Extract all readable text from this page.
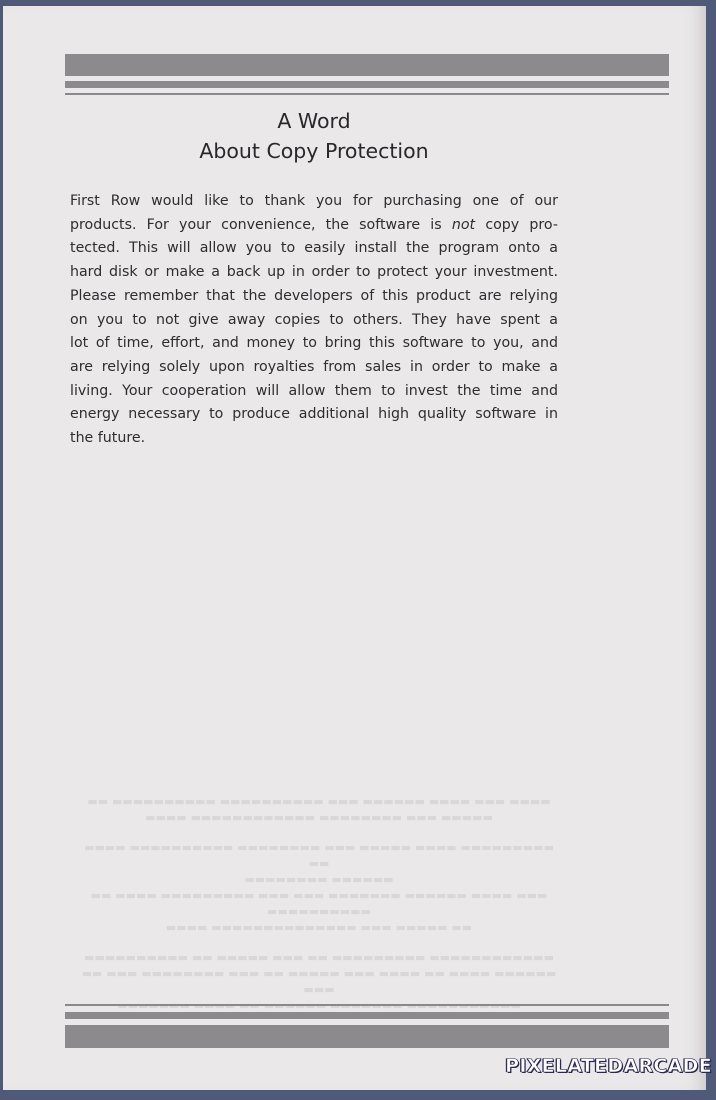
A Word
About Copy Protection
First Row would like to thank you for purchasing one of our
products. For your convenience, the software is not copy pro-
tected. This will allow you to easily install the program onto a
hard disk or make a back up in order to protect your investment.
Please remember that the developers of this product are relying
on you to not give away copies to others. They have spent a
lot of time, effort, and money to bring this software to you, and
are relying solely upon royalties from sales in order to make a
living. Your cooperation will allow them to invest the time and
energy necessary to produce additional high quality software in
the future.

▬▬▬▬ ▬▬▬ ▬▬▬▬ ▬▬▬▬▬▬ ▬▬▬ ▬▬▬▬▬▬▬▬▬▬ ▬▬▬▬▬▬▬▬▬▬ ▬▬
▬▬▬▬▬ ▬▬▬ ▬▬▬▬▬▬▬▬ ▬▬▬▬▬▬▬▬▬▬▬▬ ▬▬▬▬

▬▬▬▬▬▬▬▬▬ ▬▬▬▬ ▬▬▬▬▬ ▬▬▬ ▬▬▬▬▬▬▬▬ ▬▬▬▬▬▬▬▬▬▬ ▬▬▬▬ ▬▬
▬▬▬▬▬▬ ▬▬▬▬▬▬▬▬
▬▬▬ ▬▬▬▬ ▬▬▬▬▬▬ ▬▬▬▬▬▬▬ ▬▬▬ ▬▬▬ ▬▬▬▬▬▬▬▬▬ ▬▬▬▬ ▬▬ ▬▬▬▬▬▬▬▬▬▬
▬▬ ▬▬▬▬▬ ▬▬▬ ▬▬▬▬▬▬▬▬▬▬▬▬▬▬ ▬▬▬▬

▬▬▬▬▬▬▬▬▬▬▬▬ ▬▬▬▬▬▬▬▬▬ ▬▬ ▬▬▬ ▬▬▬▬▬ ▬▬ ▬▬▬▬▬▬▬▬▬▬
▬▬▬▬▬▬ ▬▬▬▬ ▬▬ ▬▬▬▬ ▬▬▬ ▬▬▬▬▬ ▬▬ ▬▬▬ ▬▬▬▬▬▬▬▬ ▬▬▬ ▬▬ ▬▬▬

PIXELATEDARCADE
www.pixelatedarcade.com
